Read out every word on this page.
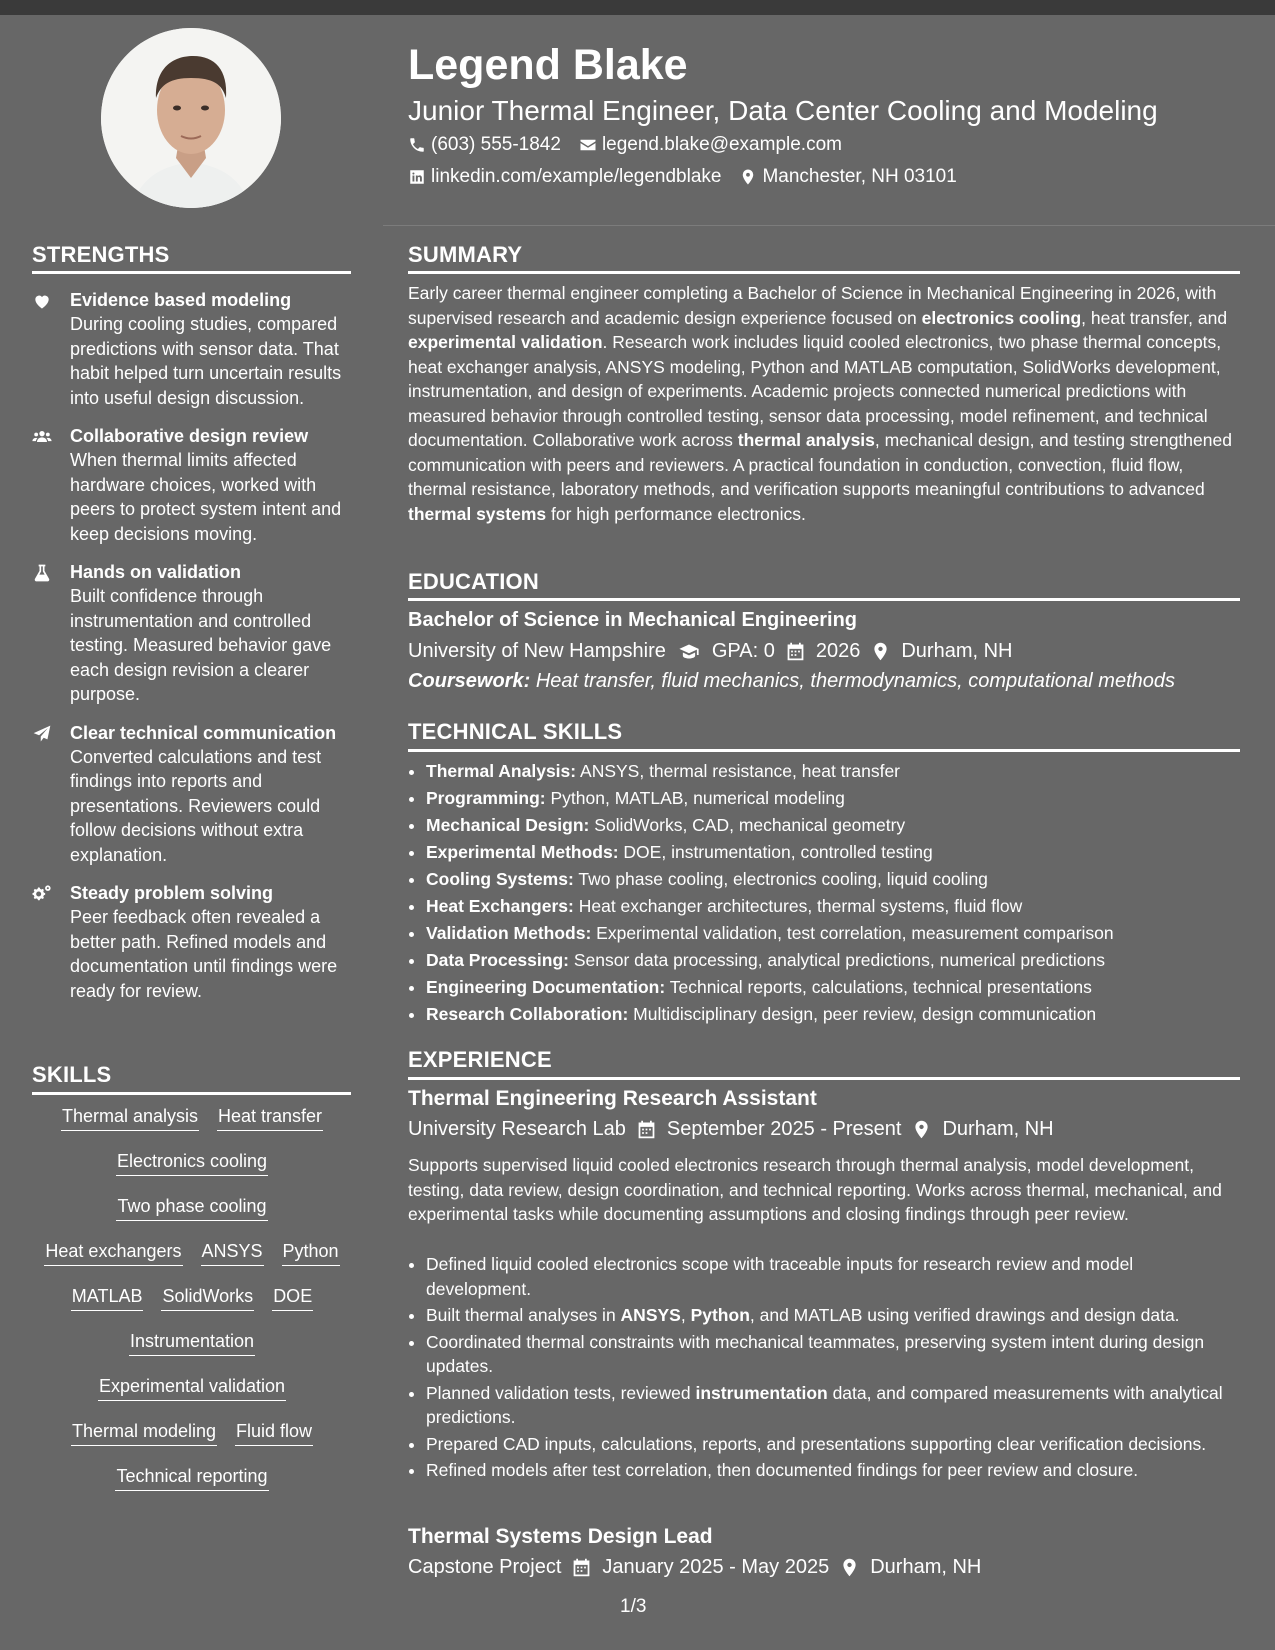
Legend Blake
Junior Thermal Engineer, Data Center Cooling and Modeling
(603) 555-1842 legend.blake@example.com
linkedin.com/example/legendblake Manchester, NH 03101
STRENGTHS
Evidence based modeling
During cooling studies, compared predictions with sensor data. That habit helped turn uncertain results into useful design discussion.
Collaborative design review
When thermal limits affected hardware choices, worked with peers to protect system intent and keep decisions moving.
Hands on validation
Built confidence through instrumentation and controlled testing. Measured behavior gave each design revision a clearer purpose.
Clear technical communication
Converted calculations and test findings into reports and presentations. Reviewers could follow decisions without extra explanation.
Steady problem solving
Peer feedback often revealed a better path. Refined models and documentation until findings were ready for review.
SKILLS
Thermal analysis Heat transfer
Electronics cooling
Two phase cooling
Heat exchangers ANSYS Python
MATLAB SolidWorks DOE
Instrumentation
Experimental validation
Thermal modeling Fluid flow
Technical reporting
SUMMARY
Early career thermal engineer completing a Bachelor of Science in Mechanical Engineering in 2026, with supervised research and academic design experience focused on electronics cooling, heat transfer, and experimental validation. Research work includes liquid cooled electronics, two phase thermal concepts, heat exchanger analysis, ANSYS modeling, Python and MATLAB computation, SolidWorks development, instrumentation, and design of experiments. Academic projects connected numerical predictions with measured behavior through controlled testing, sensor data processing, model refinement, and technical documentation. Collaborative work across thermal analysis, mechanical design, and testing strengthened communication with peers and reviewers. A practical foundation in conduction, convection, fluid flow, thermal resistance, laboratory methods, and verification supports meaningful contributions to advanced thermal systems for high performance electronics.
EDUCATION
Bachelor of Science in Mechanical Engineering
University of New Hampshire GPA: 0 2026 Durham, NH
Coursework: Heat transfer, fluid mechanics, thermodynamics, computational methods
TECHNICAL SKILLS
• Thermal Analysis: ANSYS, thermal resistance, heat transfer
• Programming: Python, MATLAB, numerical modeling
• Mechanical Design: SolidWorks, CAD, mechanical geometry
• Experimental Methods: DOE, instrumentation, controlled testing
• Cooling Systems: Two phase cooling, electronics cooling, liquid cooling
• Heat Exchangers: Heat exchanger architectures, thermal systems, fluid flow
• Validation Methods: Experimental validation, test correlation, measurement comparison
• Data Processing: Sensor data processing, analytical predictions, numerical predictions
• Engineering Documentation: Technical reports, calculations, technical presentations
• Research Collaboration: Multidisciplinary design, peer review, design communication
EXPERIENCE
Thermal Engineering Research Assistant
University Research Lab September 2025 - Present Durham, NH
Supports supervised liquid cooled electronics research through thermal analysis, model development, testing, data review, design coordination, and technical reporting. Works across thermal, mechanical, and experimental tasks while documenting assumptions and closing findings through peer review.
• Defined liquid cooled electronics scope with traceable inputs for research review and model development.
• Built thermal analyses in ANSYS, Python, and MATLAB using verified drawings and design data.
• Coordinated thermal constraints with mechanical teammates, preserving system intent during design updates.
• Planned validation tests, reviewed instrumentation data, and compared measurements with analytical predictions.
• Prepared CAD inputs, calculations, reports, and presentations supporting clear verification decisions.
• Refined models after test correlation, then documented findings for peer review and closure.
Thermal Systems Design Lead
Capstone Project January 2025 - May 2025 Durham, NH
1/3
